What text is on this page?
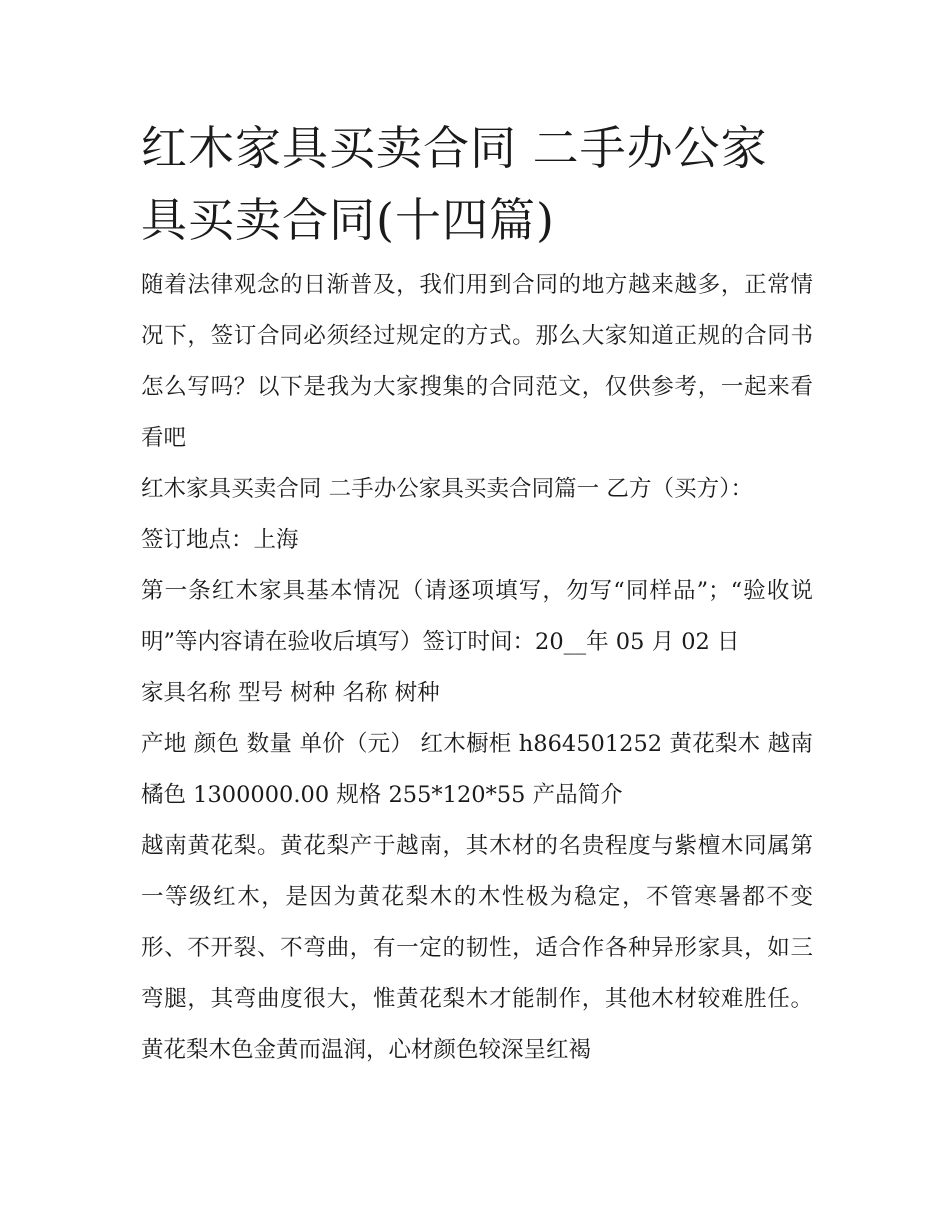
红木家具买卖合同 二手办公家具买卖合同(十四篇)

随着法律观念的日渐普及，我们用到合同的地方越来越多，正常情况下，签订合同必须经过规定的方式。那么大家知道正规的合同书怎么写吗？以下是我为大家搜集的合同范文，仅供参考，一起来看看吧

红木家具买卖合同 二手办公家具买卖合同篇一 乙方（买方）：签订地点：上海

第一条红木家具基本情况（请逐项填写，勿写“同样品”；“验收说明”等内容请在验收后填写）签订时间：20__年 05 月 02 日

家具名称 型号 树种 名称 树种

产地 颜色 数量 单价（元） 红木橱柜 h864501252 黄花梨木 越南 橘色 1300000.00 规格 255*120*55 产品简介

越南黄花梨。黄花梨产于越南，其木材的名贵程度与紫檀木同属第一等级红木，是因为黄花梨木的木性极为稳定，不管寒暑都不变形、不开裂、不弯曲，有一定的韧性，适合作各种异形家具，如三弯腿，其弯曲度很大，惟黄花梨木才能制作，其他木材较难胜任。黄花梨木色金黄而温润，心材颜色较深呈红褐
